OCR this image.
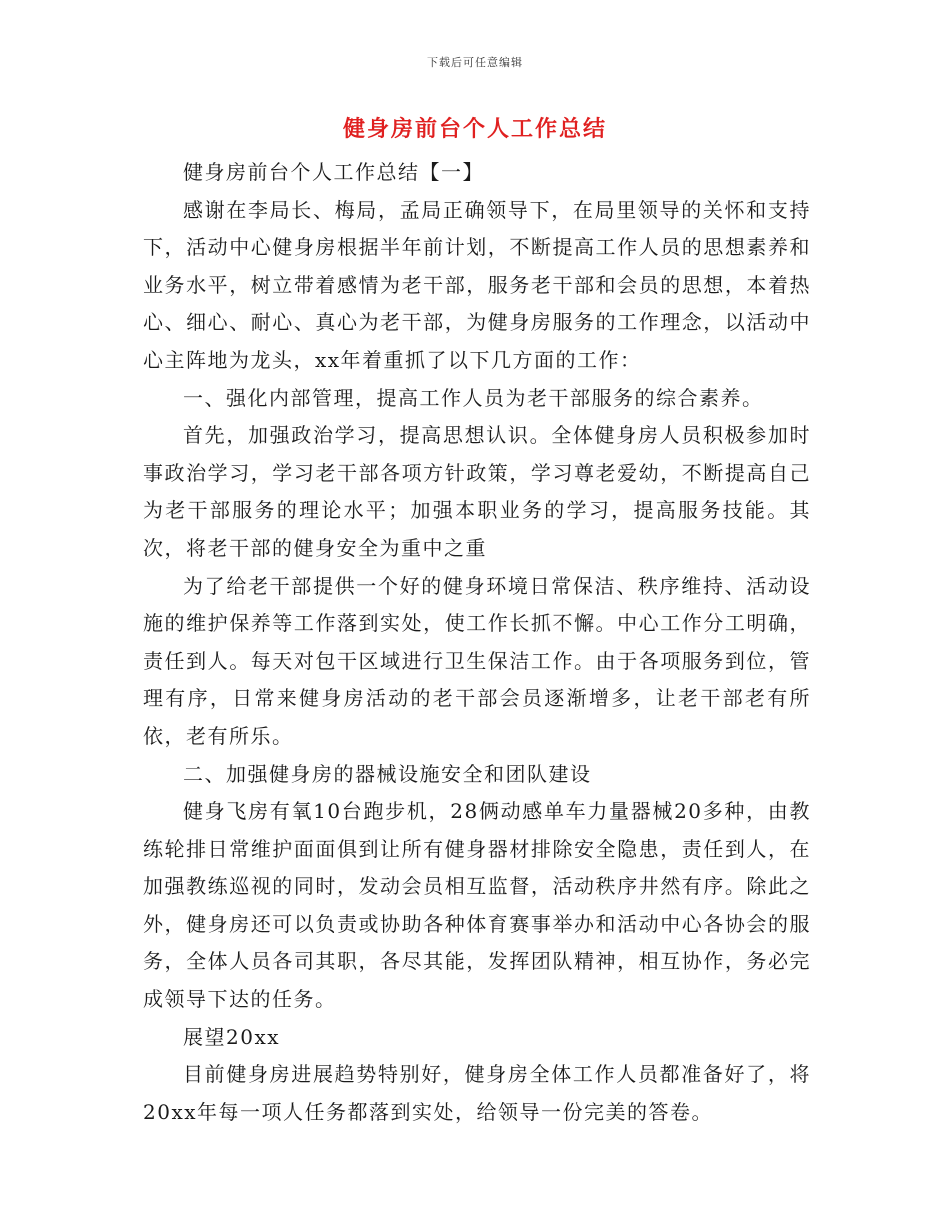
下载后可任意编辑
健身房前台个人工作总结

健身房前台个人工作总结【一】

感谢在李局长、梅局，孟局正确领导下，在局里领导的关怀和支持下，活动中心健身房根据半年前计划，不断提高工作人员的思想素养和业务水平，树立带着感情为老干部，服务老干部和会员的思想，本着热心、细心、耐心、真心为老干部，为健身房服务的工作理念，以活动中心主阵地为龙头，xx年着重抓了以下几方面的工作：

一、强化内部管理，提高工作人员为老干部服务的综合素养。

首先，加强政治学习，提高思想认识。全体健身房人员积极参加时事政治学习，学习老干部各项方针政策，学习尊老爱幼，不断提高自己为老干部服务的理论水平；加强本职业务的学习，提高服务技能。其次，将老干部的健身安全为重中之重

为了给老干部提供一个好的健身环境日常保洁、秩序维持、活动设施的维护保养等工作落到实处，使工作长抓不懈。中心工作分工明确，责任到人。每天对包干区域进行卫生保洁工作。由于各项服务到位，管理有序，日常来健身房活动的老干部会员逐渐增多，让老干部老有所依，老有所乐。

二、加强健身房的器械设施安全和团队建设

健身飞房有氧10台跑步机，28俩动感单车力量器械20多种，由教练轮排日常维护面面俱到让所有健身器材排除安全隐患，责任到人，在加强教练巡视的同时，发动会员相互监督，活动秩序井然有序。除此之外，健身房还可以负责或协助各种体育赛事举办和活动中心各协会的服务，全体人员各司其职，各尽其能，发挥团队精神，相互协作，务必完成领导下达的任务。

展望20xx

目前健身房进展趋势特别好，健身房全体工作人员都准备好了，将20xx年每一项人任务都落到实处，给领导一份完美的答卷。
